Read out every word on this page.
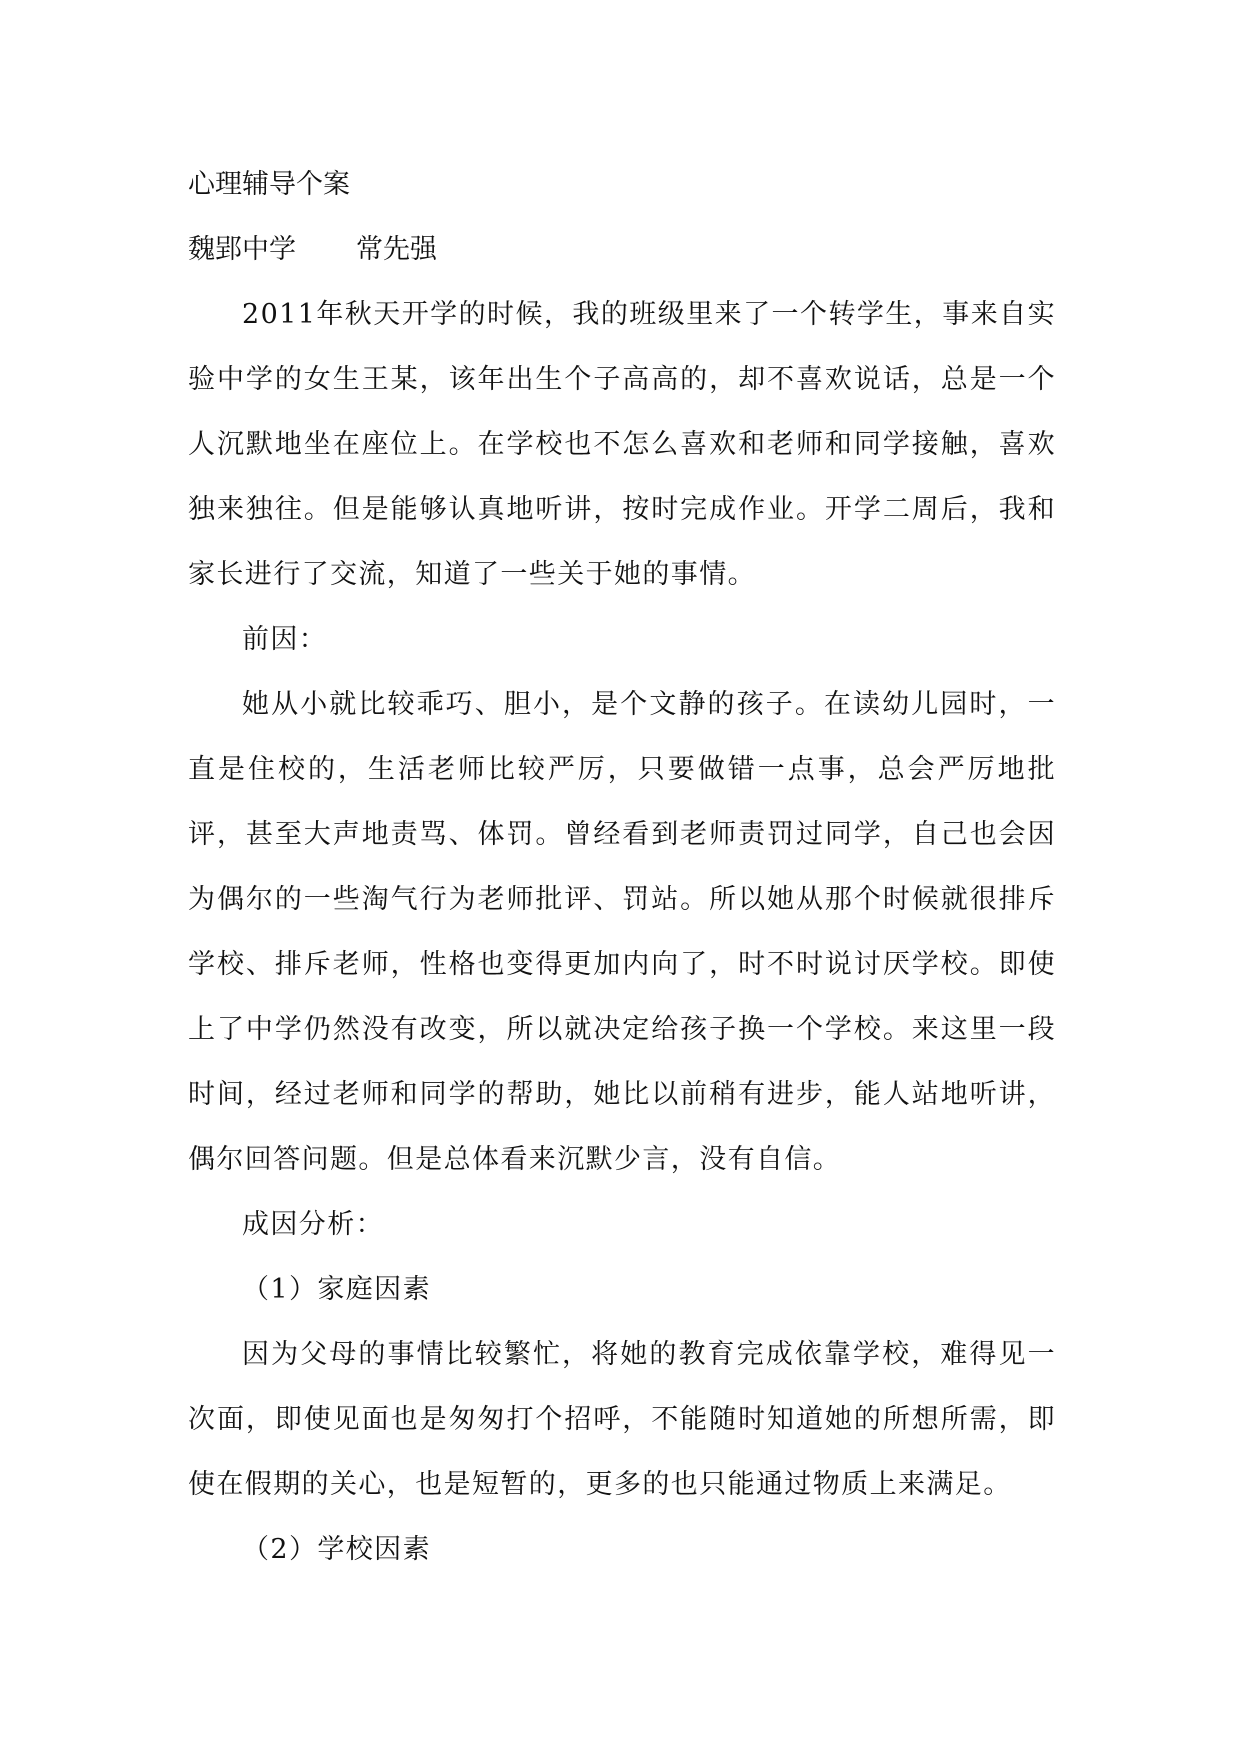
心理辅导个案

魏郢中学 常先强

2011年秋天开学的时候，我的班级里来了一个转学生，事来自实验中学的女生王某，该年出生个子高高的，却不喜欢说话，总是一个人沉默地坐在座位上。在学校也不怎么喜欢和老师和同学接触，喜欢独来独往。但是能够认真地听讲，按时完成作业。开学二周后，我和家长进行了交流，知道了一些关于她的事情。

前因：

她从小就比较乖巧、胆小，是个文静的孩子。在读幼儿园时，一直是住校的，生活老师比较严厉，只要做错一点事，总会严厉地批评，甚至大声地责骂、体罚。曾经看到老师责罚过同学，自己也会因为偶尔的一些淘气行为老师批评、罚站。所以她从那个时候就很排斥学校、排斥老师，性格也变得更加内向了，时不时说讨厌学校。即使上了中学仍然没有改变，所以就决定给孩子换一个学校。来这里一段时间，经过老师和同学的帮助，她比以前稍有进步，能人站地听讲，偶尔回答问题。但是总体看来沉默少言，没有自信。

成因分析：

（1）家庭因素

因为父母的事情比较繁忙，将她的教育完成依靠学校，难得见一次面，即使见面也是匆匆打个招呼，不能随时知道她的所想所需，即使在假期的关心，也是短暂的，更多的也只能通过物质上来满足。

（2）学校因素
